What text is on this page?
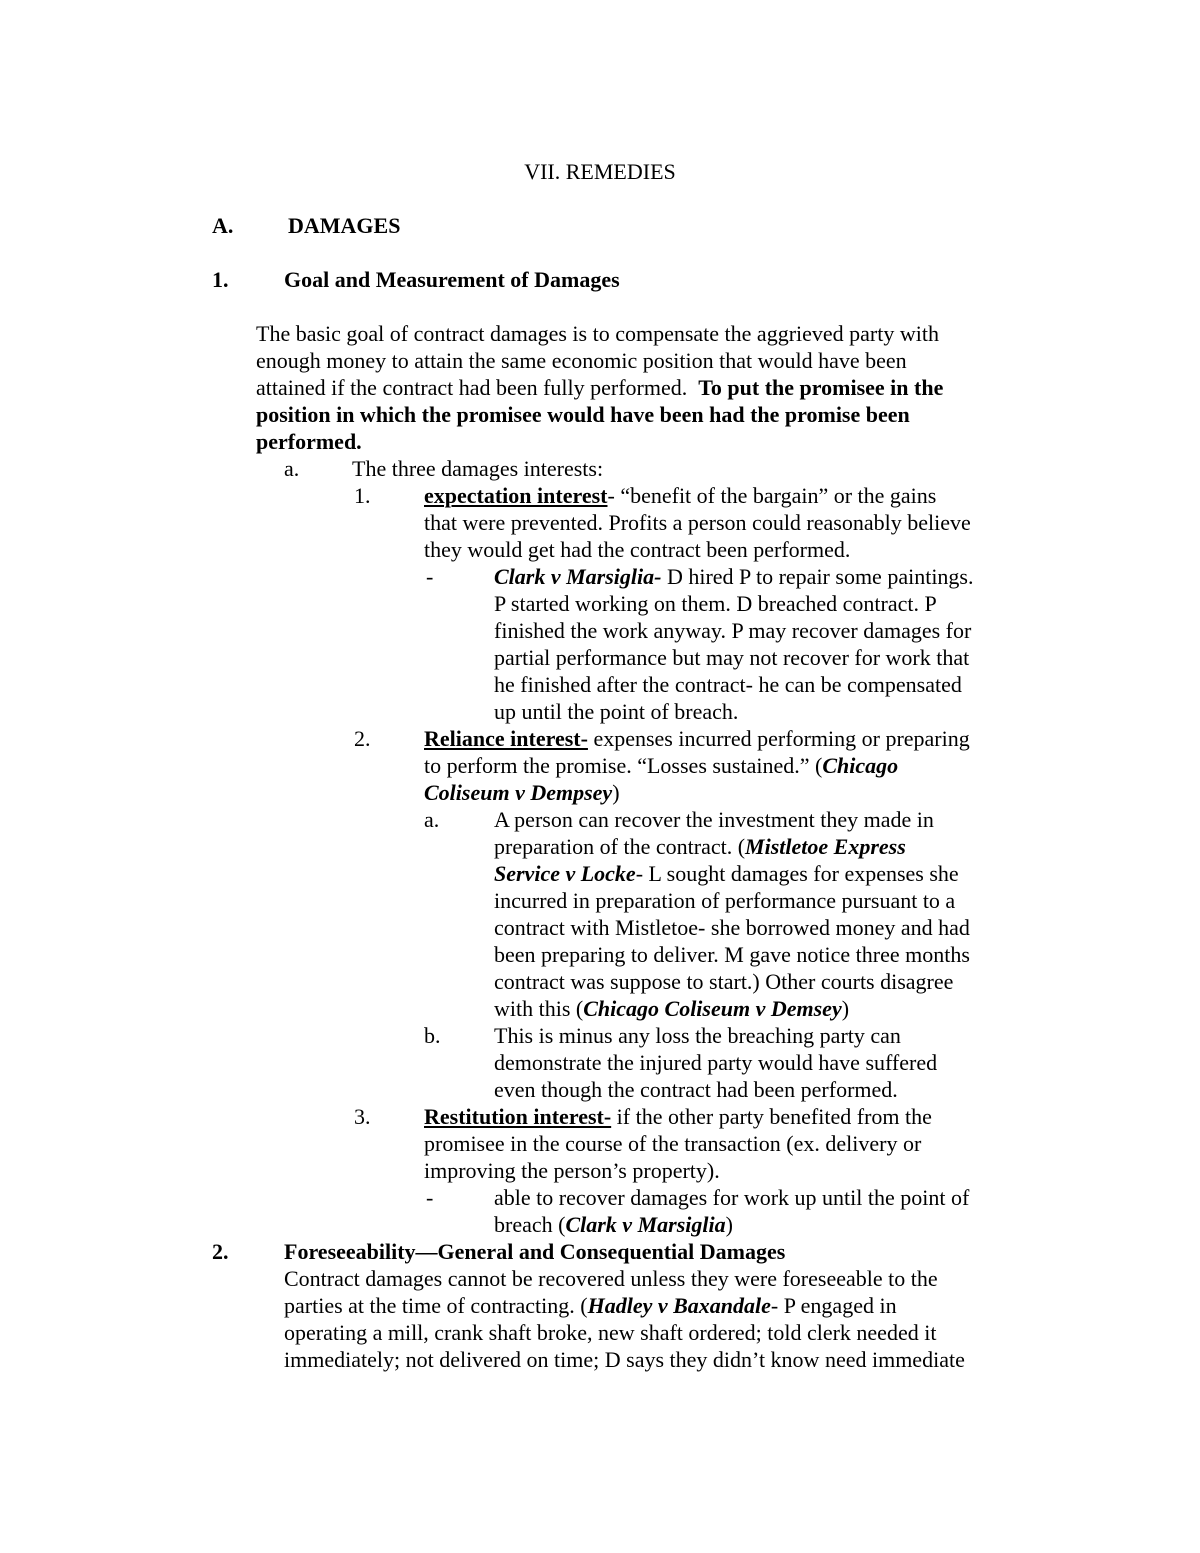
VII. REMEDIES
A. DAMAGES
1.	Goal and Measurement of Damages
The basic goal of contract damages is to compensate the aggrieved party with
enough money to attain the same economic position that would have been
attained if the contract had been fully performed. To put the promisee in the
position in which the promisee would have been had the promise been
performed.
a. The three damages interests:
1. expectation interest- “benefit of the bargain” or the gains
that were prevented. Profits a person could reasonably believe
they would get had the contract been performed.
-	Clark v Marsiglia- D hired P to repair some paintings.
P started working on them. D breached contract. P
finished the work anyway. P may recover damages for
partial performance but may not recover for work that
he finished after the contract- he can be compensated
up until the point of breach.
2. Reliance interest- expenses incurred performing or preparing
to perform the promise. “Losses sustained.” (Chicago
Coliseum v Dempsey)
a. A person can recover the investment they made in
preparation of the contract. (Mistletoe Express
Service v Locke- L sought damages for expenses she
incurred in preparation of performance pursuant to a
contract with Mistletoe- she borrowed money and had
been preparing to deliver. M gave notice three months
contract was suppose to start.) Other courts disagree
with this (Chicago Coliseum v Demsey)
b. This is minus any loss the breaching party can
demonstrate the injured party would have suffered
even though the contract had been performed.
3. Restitution interest- if the other party benefited from the
promisee in the course of the transaction (ex. delivery or
improving the person’s property).
-	able to recover damages for work up until the point of
breach (Clark v Marsiglia)
2.	Foreseeability—General and Consequential Damages
Contract damages cannot be recovered unless they were foreseeable to the
parties at the time of contracting. (Hadley v Baxandale- P engaged in
operating a mill, crank shaft broke, new shaft ordered; told clerk needed it
immediately; not delivered on time; D says they didn’t know need immediate
